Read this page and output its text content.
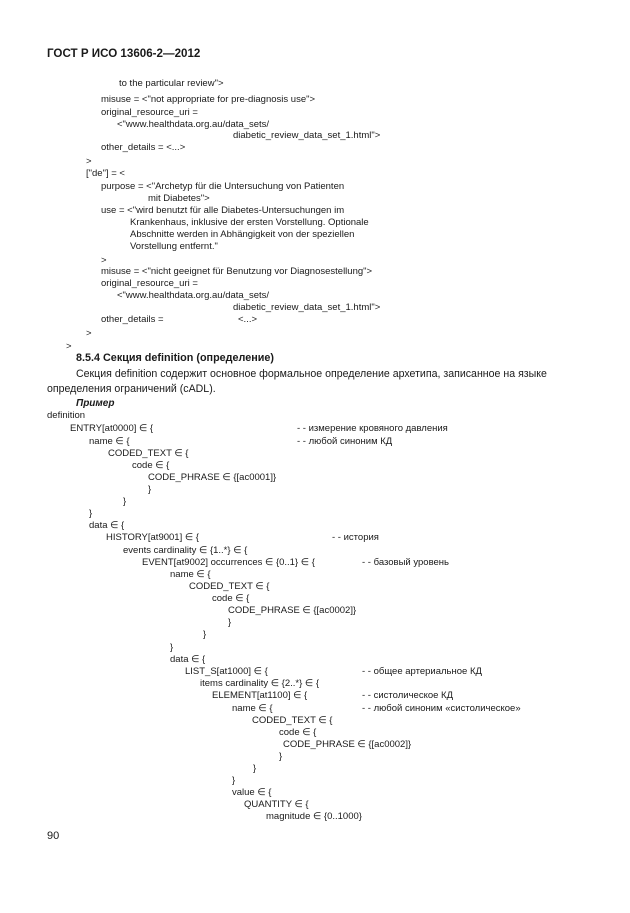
ГОСТ Р ИСО 13606-2—2012
to the particular review">
misuse = <"not appropriate for pre-diagnosis use">
original_resource_uri =
<"www.healthdata.org.au/data_sets/
diabetic_review_data_set_1.html">
other_details = <...>
>
["de"] = <
purpose = <"Archetyp für die Untersuchung von Patienten
mit Diabetes">
use = <"wird benutzt für alle Diabetes-Untersuchungen im
Krankenhaus, inklusive der ersten Vorstellung. Optionale
Abschnitte werden in Abhängigkeit von der speziellen
Vorstellung entfernt."
>
misuse = <"nicht geeignet für Benutzung vor Diagnosestellung">
original_resource_uri =
<"www.healthdata.org.au/data_sets/
diabetic_review_data_set_1.html">
other_details =	<...>
>
>
8.5.4 Секция definition (определение)
Секция definition содержит основное формальное определение архетипа, записанное на языке определения ограничений (cADL).
Пример
definition
ENTRY[at0000] ∈ {
name ∈ {
CODED_TEXT ∈ {
code ∈ {
CODE_PHRASE ∈ {[ac0001]}
}
}
}
data ∈ {
HISTORY[at9001] ∈ {
events cardinality ∈ {1..*} ∈ {
EVENT[at9002] occurrences ∈ {0..1} ∈ {
name ∈ {
CODED_TEXT ∈ {
code ∈ {
CODE_PHRASE ∈ {[ac0002]}
}
}
}
data ∈ {
LIST_S[at1000] ∈ {
items cardinality ∈ {2..*} ∈ {
ELEMENT[at1100] ∈ {
name ∈ {
CODED_TEXT ∈ {
code ∈ {
CODE_PHRASE ∈ {[ac0002]}
}
}
}
value ∈ {
QUANTITY ∈ {
magnitude ∈ {0..1000}
- - измерение кровяного давления
- - любой синоним КД
- - история
- - базовый уровень
- - общее артериальное КД
- - систолическое КД
- - любой синоним «систолическое»
90
